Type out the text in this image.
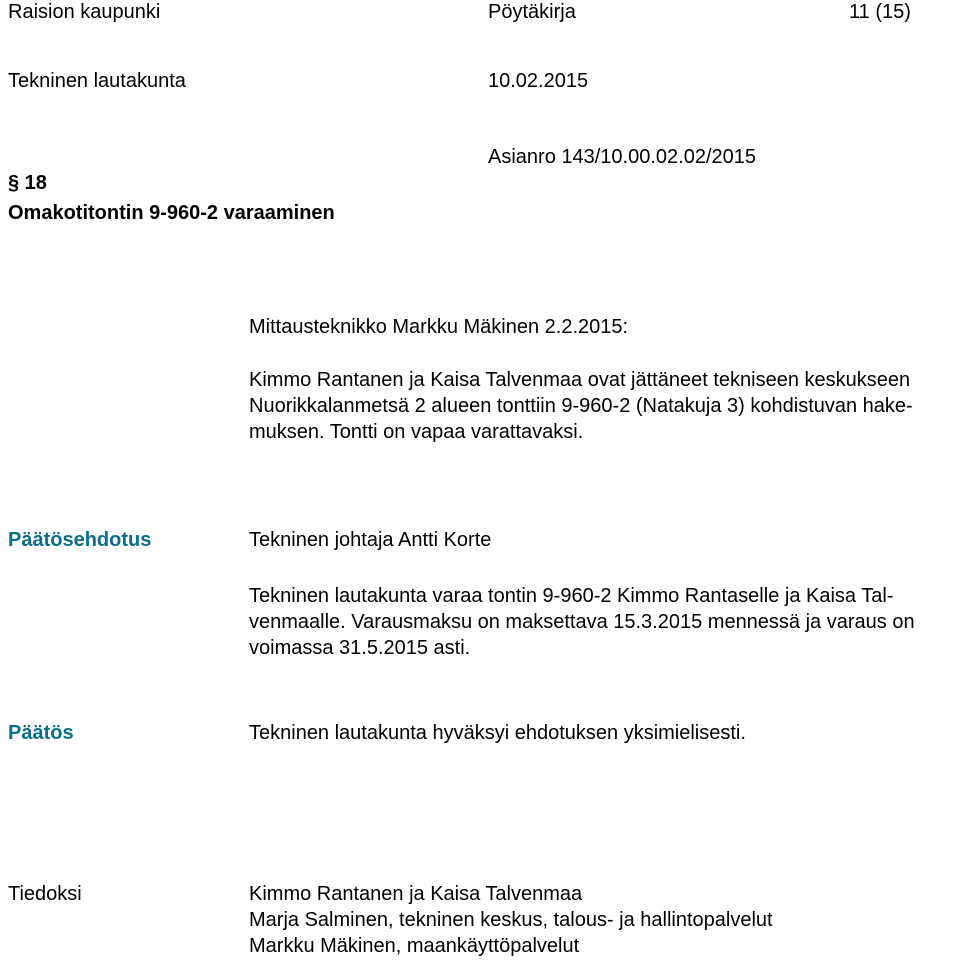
Raision kaupunki	Pöytäkirja	11 (15)
Tekninen lautakunta	10.02.2015
Asianro 143/10.00.02.02/2015
§ 18
Omakotitontin 9-960-2 varaaminen
Mittausteknikko Markku Mäkinen 2.2.2015:
Kimmo Rantanen ja Kaisa Talvenmaa ovat jättäneet tekniseen keskukseen
Nuorikkalanmetsä 2 alueen tonttiin 9-960-2 (Natakuja 3) kohdistuvan hake-
muksen. Tontti on vapaa varattavaksi.
Päätösehdotus	Tekninen johtaja Antti Korte
Tekninen lautakunta varaa tontin 9-960-2 Kimmo Rantaselle ja Kaisa Tal-
venmaalle. Varausmaksu on maksettava 15.3.2015 mennessä ja varaus on
voimassa 31.5.2015 asti.
Päätös	Tekninen lautakunta hyväksyi ehdotuksen yksimielisesti.
Tiedoksi	Kimmo Rantanen ja Kaisa Talvenmaa
Marja Salminen, tekninen keskus, talous- ja hallintopalvelut
Markku Mäkinen, maankäyttöpalvelut
